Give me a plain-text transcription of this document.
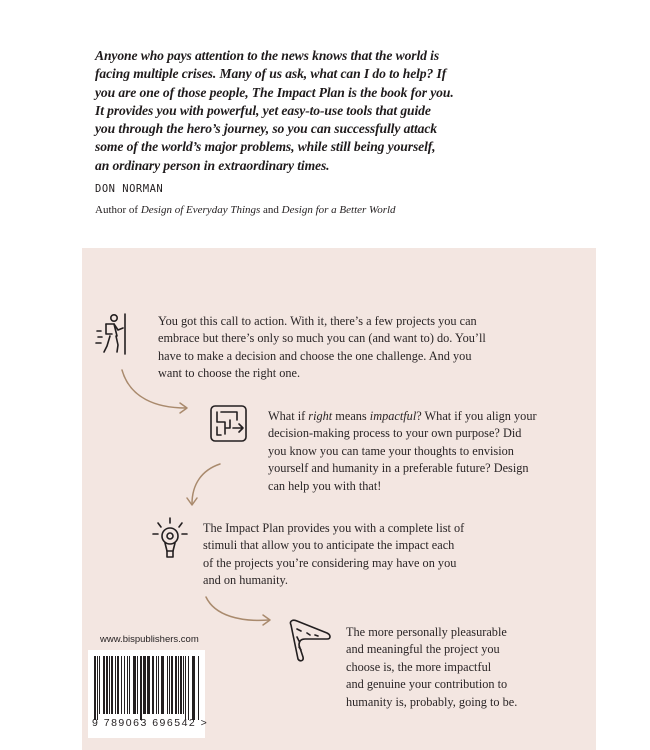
Anyone who pays attention to the news knows that the world is
facing multiple crises. Many of us ask, what can I do to help? If
you are one of those people, The Impact Plan is the book for you.
It provides you with powerful, yet easy-to-use tools that guide
you through the hero’s journey, so you can successfully attack
some of the world’s major problems, while still being yourself,
an ordinary person in extraordinary times.
DON NORMAN
Author of Design of Everyday Things and Design for a Better World
You got this call to action. With it, there’s a few projects you can
embrace but there’s only so much you can (and want to) do. You’ll
have to make a decision and choose the one challenge. And you
want to choose the right one.
What if right means impactful? What if you align your
decision-making process to your own purpose? Did
you know you can tame your thoughts to envision
yourself and humanity in a preferable future? Design
can help you with that!
The Impact Plan provides you with a complete list of
stimuli that allow you to anticipate the impact each
of the projects you’re considering may have on you
and on humanity.
The more personally pleasurable
and meaningful the project you
choose is, the more impactful
and genuine your contribution to
humanity is, probably, going to be.
www.bispublishers.com
9 789063 696542 >
